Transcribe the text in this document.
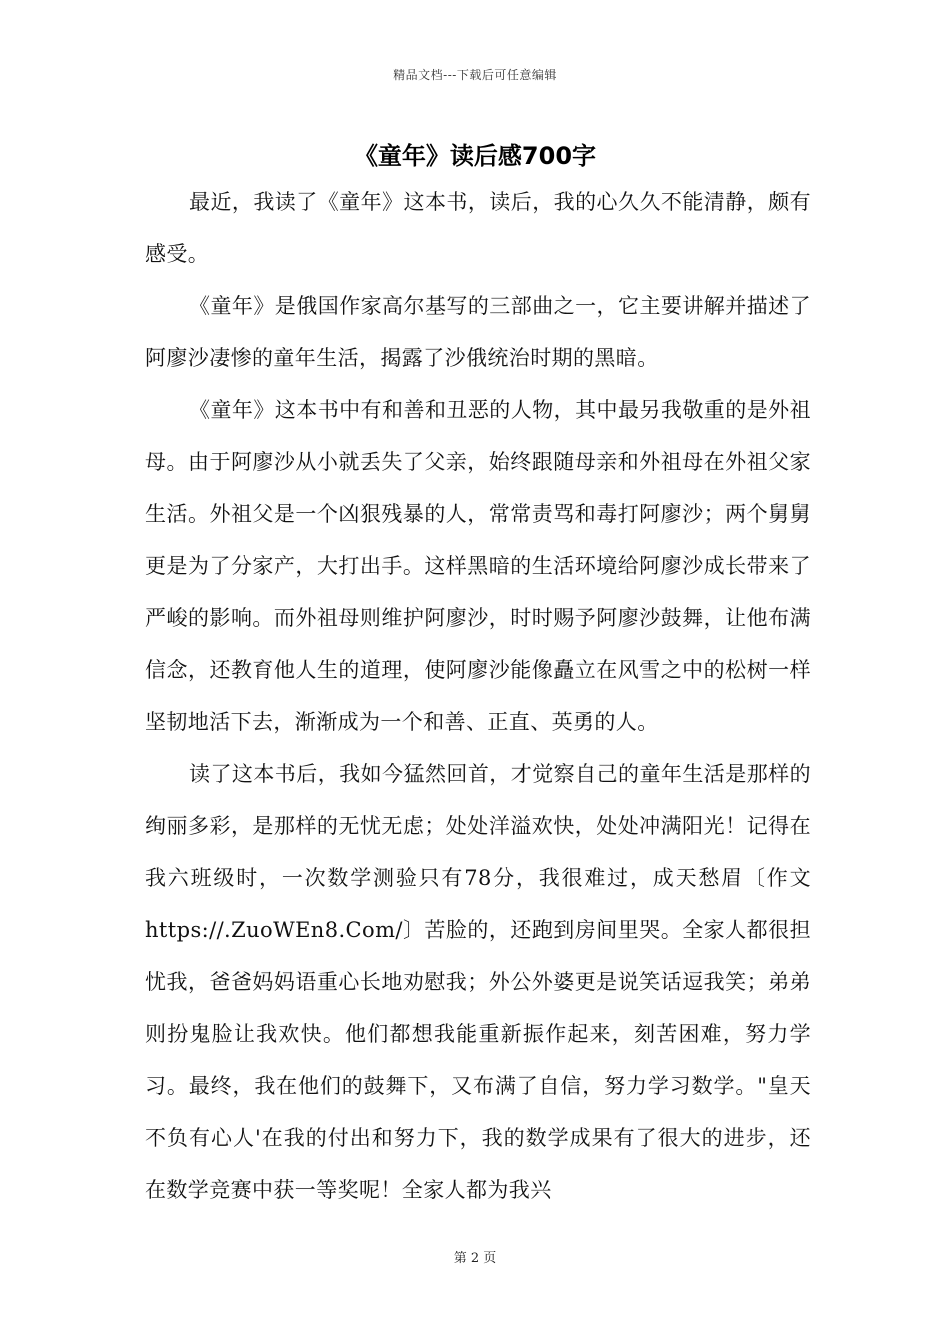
精品文档---下载后可任意编辑
《童年》读后感700字

最近，我读了《童年》这本书，读后，我的心久久不能清静，颇有感受。

《童年》是俄国作家高尔基写的三部曲之一，它主要讲解并描述了阿廖沙凄惨的童年生活，揭露了沙俄统治时期的黑暗。

《童年》这本书中有和善和丑恶的人物，其中最另我敬重的是外祖母。由于阿廖沙从小就丢失了父亲，始终跟随母亲和外祖母在外祖父家生活。外祖父是一个凶狠残暴的人，常常责骂和毒打阿廖沙；两个舅舅更是为了分家产，大打出手。这样黑暗的生活环境给阿廖沙成长带来了严峻的影响。而外祖母则维护阿廖沙，时时赐予阿廖沙鼓舞，让他布满信念，还教育他人生的道理，使阿廖沙能像矗立在风雪之中的松树一样坚韧地活下去，渐渐成为一个和善、正直、英勇的人。

读了这本书后，我如今猛然回首，才觉察自己的童年生活是那样的绚丽多彩，是那样的无忧无虑；处处洋溢欢快，处处冲满阳光！记得在我六班级时，一次数学测验只有78分，我很难过，成天愁眉〔作文https://.ZuoWEn8.Com/〕苦脸的，还跑到房间里哭。全家人都很担忧我，爸爸妈妈语重心长地劝慰我；外公外婆更是说笑话逗我笑；弟弟则扮鬼脸让我欢快。他们都想我能重新振作起来，刻苦困难，努力学习。最终，我在他们的鼓舞下，又布满了自信，努力学习数学。"皇天不负有心人'在我的付出和努力下，我的数学成果有了很大的进步，还在数学竞赛中获一等奖呢！全家人都为我兴

第 2 页
